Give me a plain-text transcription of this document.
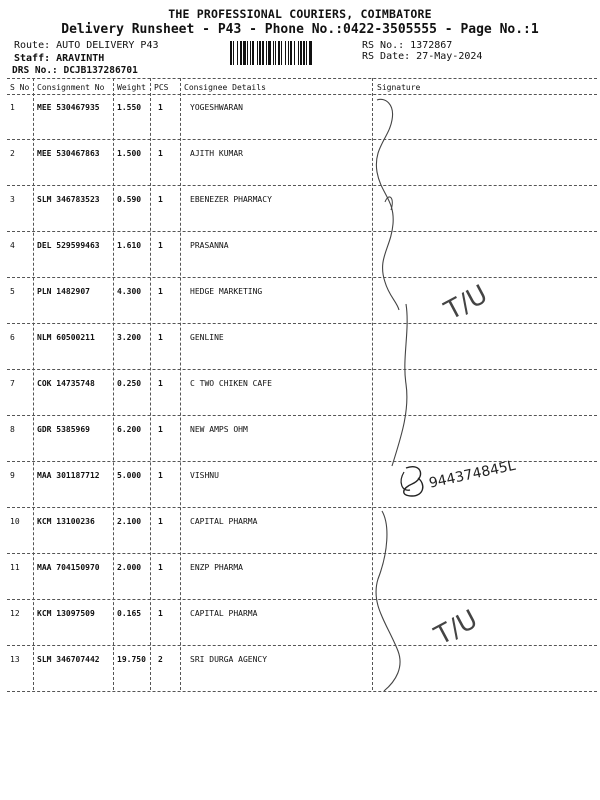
THE PROFESSIONAL COURIERS, COIMBATORE
Delivery Runsheet - P43 - Phone No.:0422-3505555 - Page No.:1
Route: AUTO DELIVERY P43
Staff: ARAVINTH
DRS No.: DCJB137286701
RS No.: 1372867
RS Date: 27-May-2024
S No Consignment No Weight PCS Consignee Details	Signature
1	MEE 530467935 1.550 1	YOGESHWARAN
2	MEE 530467863 1.500 1	AJITH KUMAR
3	SLM 346783523 0.590 1	EBENEZER PHARMACY
4	DEL 529599463 1.610 1	PRASANNA
5	PLN 1482907	4.300 1	HEDGE MARKETING
6	NLM 60500211	3.200 1	GENLINE
7	COK 14735748	0.250 1	C TWO CHIKEN CAFE
8	GDR 5385969	6.200 1	NEW AMPS OHM
9	MAA 301187712 5.000 1	VISHNU
10 KCM 13100236	2.100 1	CAPITAL PHARMA
11 MAA 704150970 2.000 1	ENZP PHARMA
12 KCM 13097509	0.165 1	CAPITAL PHARMA
13 SLM 346707442 19.750 2	SRI DURGA AGENCY
T/U
944374845L
T/U
